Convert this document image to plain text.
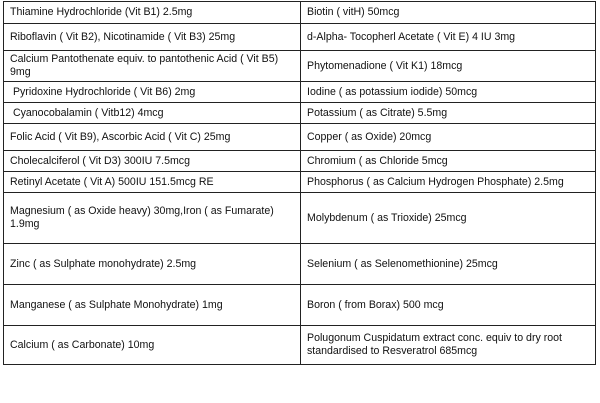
Thiamine Hydrochloride (Vit B1) 2.5mg	Biotin ( vitH) 50mcg
Riboflavin ( Vit B2), Nicotinamide ( Vit B3) 25mg	d-Alpha- Tocopherl Acetate ( Vit E) 4 IU 3mg
Calcium Pantothenate equiv. to pantothenic Acid ( Vit B5) 9mg	Phytomenadione ( Vit K1) 18mcg
Pyridoxine Hydrochloride ( Vit B6) 2mg	Iodine ( as potassium iodide) 50mcg
Cyanocobalamin ( Vitb12) 4mcg	Potassium ( as Citrate) 5.5mg
Folic Acid ( Vit B9), Ascorbic Acid ( Vit C) 25mg	Copper ( as Oxide) 20mcg
Cholecalciferol ( Vit D3) 300IU 7.5mcg	Chromium ( as Chloride 5mcg
Retinyl Acetate ( Vit A) 500IU 151.5mcg RE	Phosphorus ( as Calcium Hydrogen Phosphate) 2.5mg
Magnesium ( as Oxide heavy) 30mg,Iron ( as Fumarate) 1.9mg	Molybdenum ( as Trioxide) 25mcg
Zinc ( as Sulphate monohydrate) 2.5mg	Selenium ( as Selenomethionine) 25mcg
Manganese ( as Sulphate Monohydrate) 1mg	Boron ( from Borax) 500 mcg
Calcium ( as Carbonate) 10mg	Polugonum Cuspidatum extract conc. equiv to dry root standardised to Resveratrol 685mcg
